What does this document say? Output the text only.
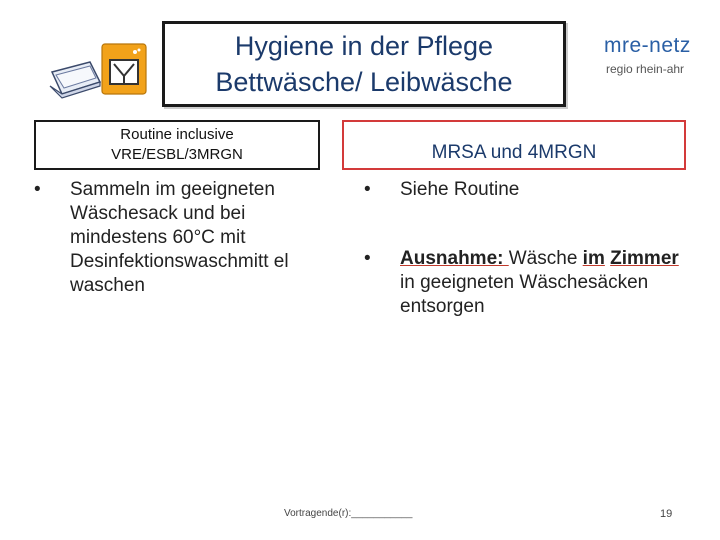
Hygiene in der Pflege
Bettwäsche/ Leibwäsche
mre-netz
regio rhein-ahr
Routine inclusive
VRE/ESBL/3MRGN	MRSA und 4MRGN
• Sammeln im geeigneten Wäschesack und bei mindestens 60°C mit Desinfektionswaschmitt el waschen
• Siehe Routine
• Ausnahme: Wäsche im Zimmer in geeigneten Wäschesäcken entsorgen
Vortragende(r):___________	19
